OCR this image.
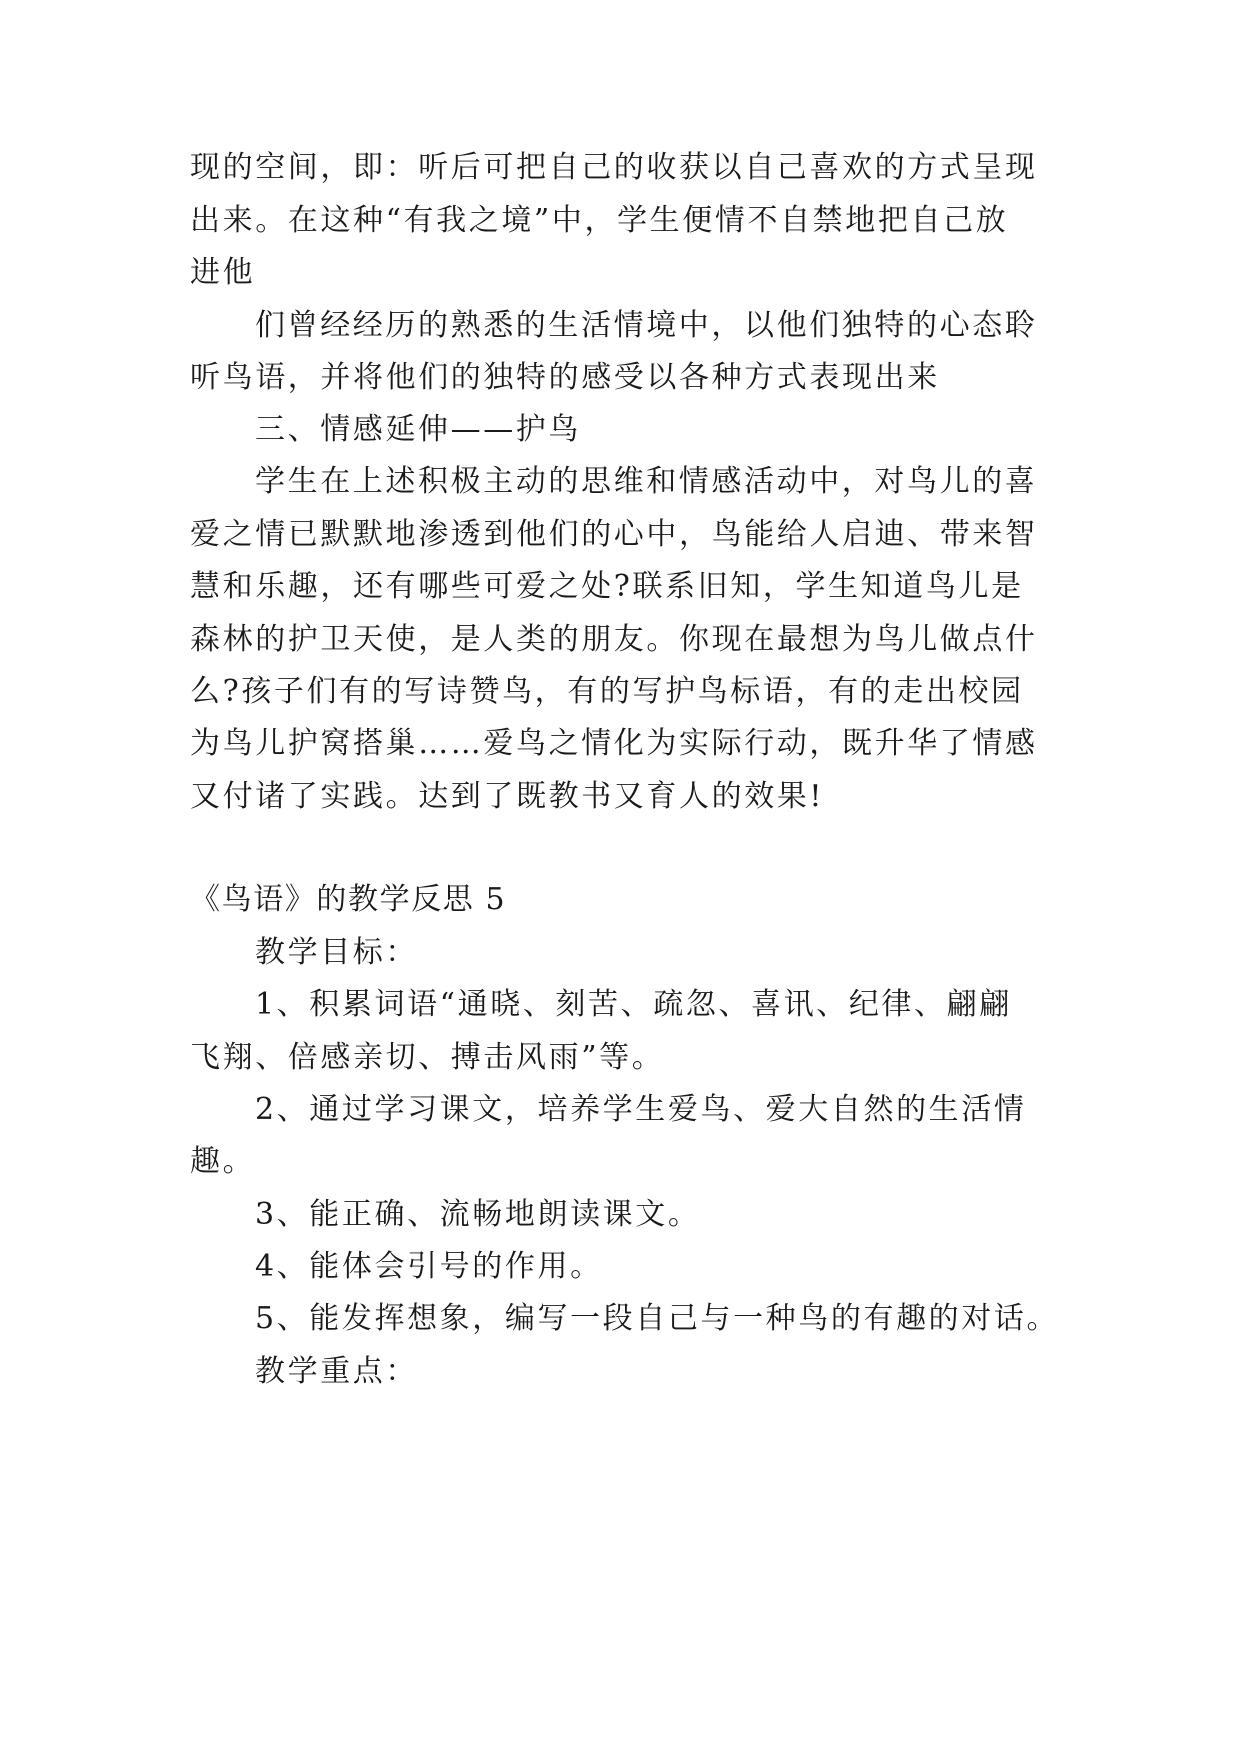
现的空间，即：听后可把自己的收获以自己喜欢的方式呈现
出来。在这种“有我之境”中，学生便情不自禁地把自己放
进他
们曾经经历的熟悉的生活情境中，以他们独特的心态聆
听鸟语，并将他们的独特的感受以各种方式表现出来
三、情感延伸——护鸟
学生在上述积极主动的思维和情感活动中，对鸟儿的喜
爱之情已默默地渗透到他们的心中，鸟能给人启迪、带来智
慧和乐趣，还有哪些可爱之处?联系旧知，学生知道鸟儿是
森林的护卫天使，是人类的朋友。你现在最想为鸟儿做点什
么?孩子们有的写诗赞鸟，有的写护鸟标语，有的走出校园
为鸟儿护窝搭巢……爱鸟之情化为实际行动，既升华了情感
又付诸了实践。达到了既教书又育人的效果!
《鸟语》的教学反思 5
教学目标：
1、积累词语“通晓、刻苦、疏忽、喜讯、纪律、翩翩
飞翔、倍感亲切、搏击风雨”等。
2、通过学习课文，培养学生爱鸟、爱大自然的生活情
趣。
3、能正确、流畅地朗读课文。
4、能体会引号的作用。
5、能发挥想象，编写一段自己与一种鸟的有趣的对话。
教学重点：
